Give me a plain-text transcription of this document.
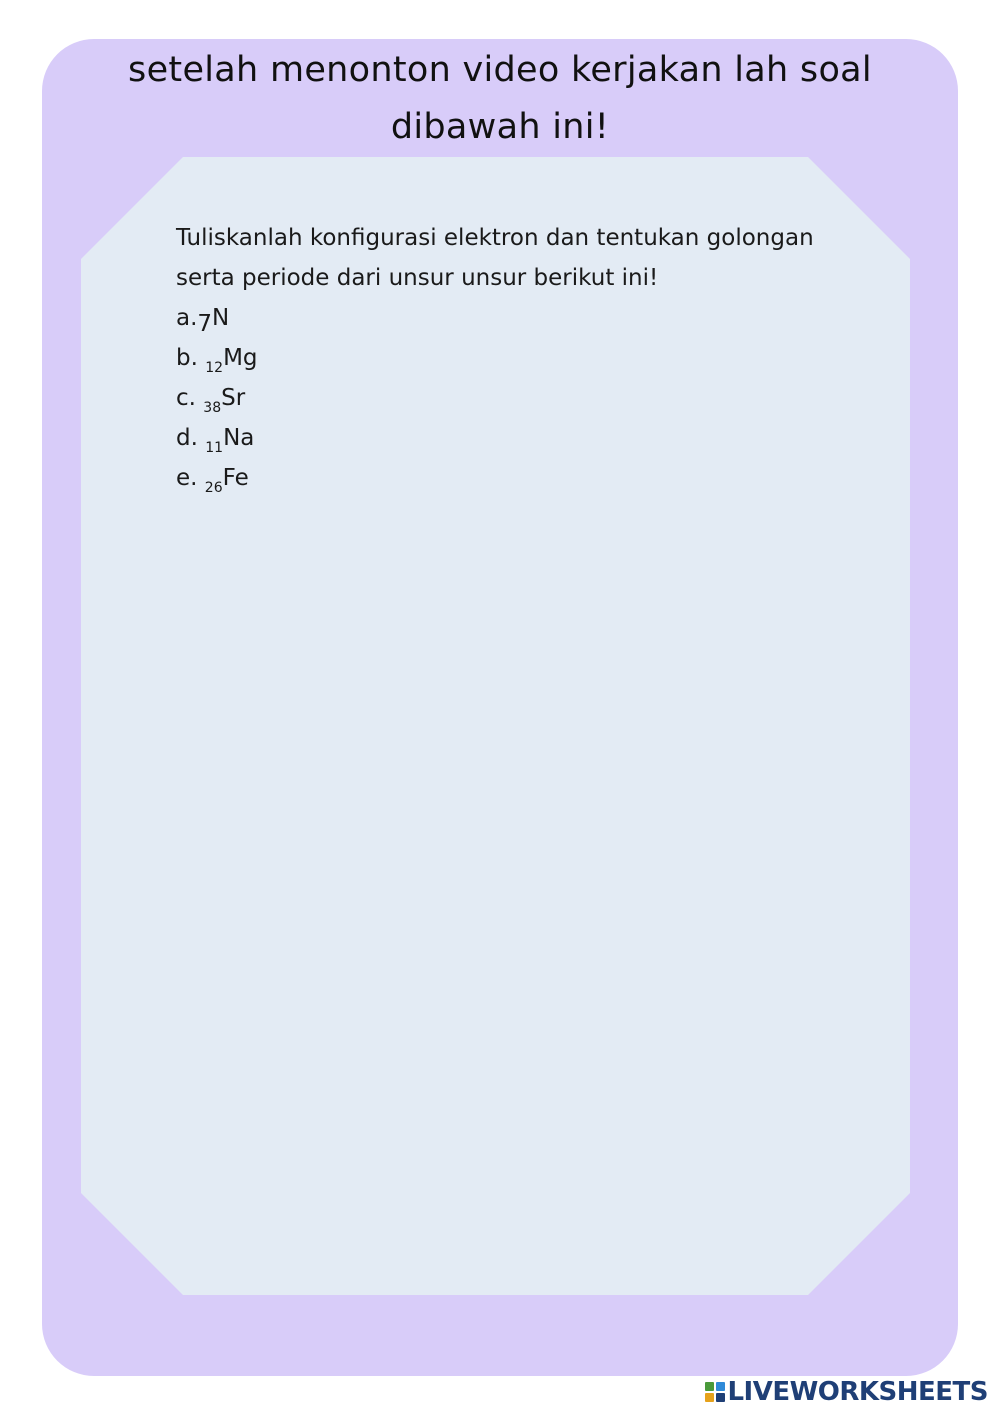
setelah menonton video kerjakan lah soal
dibawah ini!

Tuliskanlah konfigurasi elektron dan tentukan golongan serta periode dari unsur unsur berikut ini!

a.7N
b. $_{12}$Mg
c. $_{38}$Sr
d. $_{11}$Na
e. $_{26}$Fe
LIVEWORKSHEETS
